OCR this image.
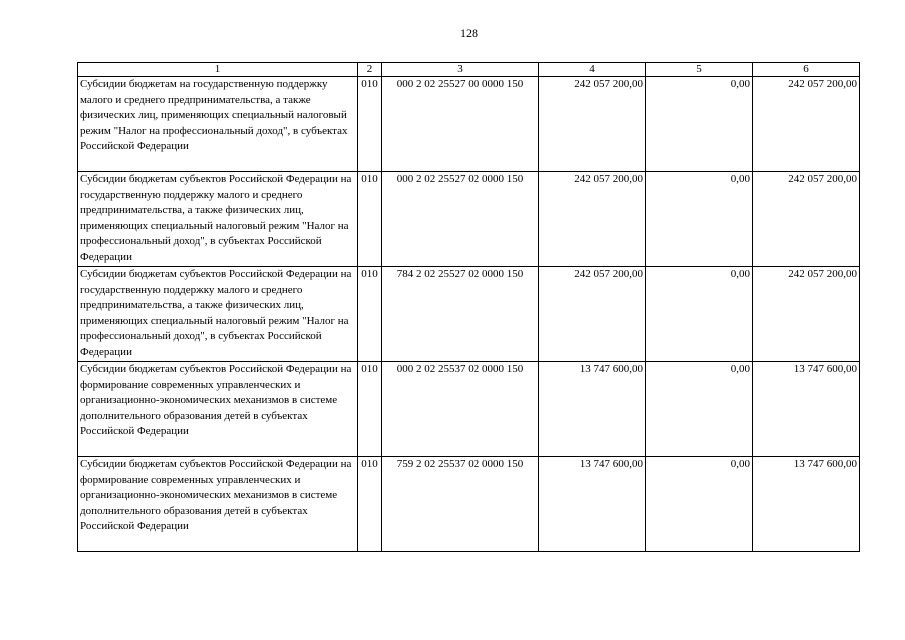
128
1	2	3	4	5	6

Субсидии бюджетам на государственную поддержку малого и среднего предпринимательства, а также физических лиц, применяющих специальный налоговый режим "Налог на профессиональный доход", в субъектах Российской Федерации	010	000 2 02 25527 00 0000 150	242 057 200,00	0,00	242 057 200,00

Субсидии бюджетам субъектов Российской Федерации на государственную поддержку малого и среднего предпринимательства, а также физических лиц, применяющих специальный налоговый режим "Налог на профессиональный доход", в субъектах Российской Федерации	010	000 2 02 25527 02 0000 150	242 057 200,00	0,00	242 057 200,00

Субсидии бюджетам субъектов Российской Федерации на государственную поддержку малого и среднего предпринимательства, а также физических лиц, применяющих специальный налоговый режим "Налог на профессиональный доход", в субъектах Российской Федерации	010	784 2 02 25527 02 0000 150	242 057 200,00	0,00	242 057 200,00

Субсидии бюджетам субъектов Российской Федерации на формирование современных управленческих и организационно-экономических механизмов в системе дополнительного образования детей в субъектах Российской Федерации	010	000 2 02 25537 02 0000 150	13 747 600,00	0,00	13 747 600,00

Субсидии бюджетам субъектов Российской Федерации на формирование современных управленческих и организационно-экономических механизмов в системе дополнительного образования детей в субъектах Российской Федерации	010	759 2 02 25537 02 0000 150	13 747 600,00	0,00	13 747 600,00
